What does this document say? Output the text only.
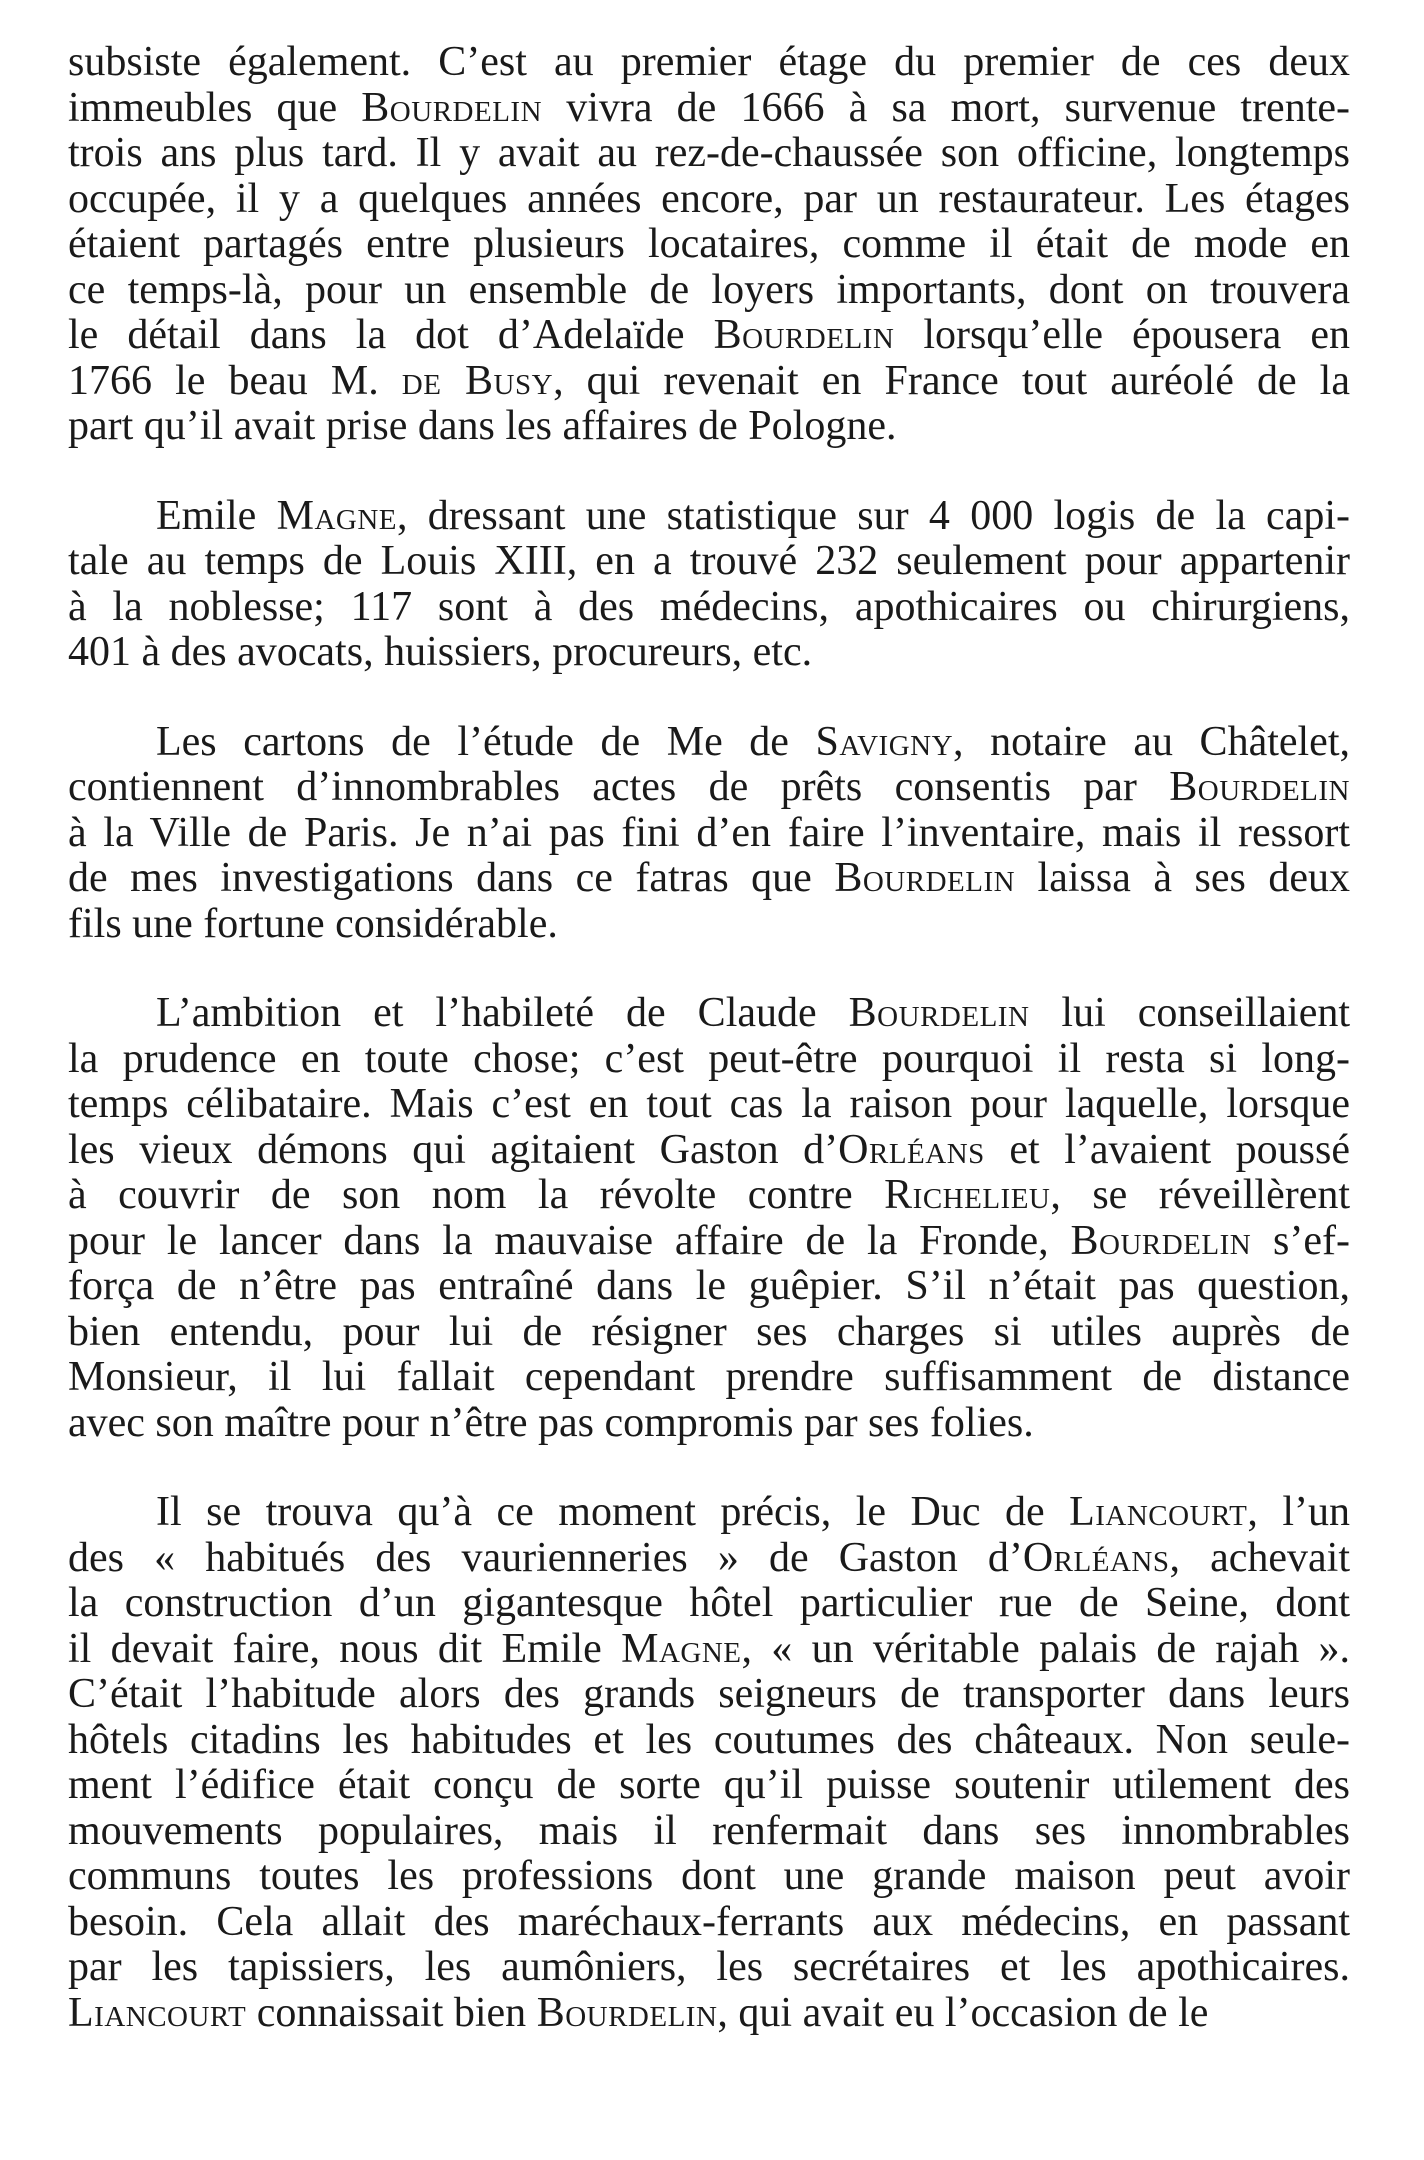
subsiste également. C’est au premier étage du premier de ces deux
immeubles que Bourdelin vivra de 1666 à sa mort, survenue trente-
trois ans plus tard. Il y avait au rez-de-chaussée son officine, longtemps
occupée, il y a quelques années encore, par un restaurateur. Les étages
étaient partagés entre plusieurs locataires, comme il était de mode en
ce temps-là, pour un ensemble de loyers importants, dont on trouvera
le détail dans la dot d’Adelaïde Bourdelin lorsqu’elle épousera en
1766 le beau M. de Busy, qui revenait en France tout auréolé de la
part qu’il avait prise dans les affaires de Pologne.

Emile Magne, dressant une statistique sur 4 000 logis de la capi-
tale au temps de Louis XIII, en a trouvé 232 seulement pour appartenir
à la noblesse; 117 sont à des médecins, apothicaires ou chirurgiens,
401 à des avocats, huissiers, procureurs, etc.

Les cartons de l’étude de Me de Savigny, notaire au Châtelet,
contiennent d’innombrables actes de prêts consentis par Bourdelin
à la Ville de Paris. Je n’ai pas fini d’en faire l’inventaire, mais il ressort
de mes investigations dans ce fatras que Bourdelin laissa à ses deux
fils une fortune considérable.

L’ambition et l’habileté de Claude Bourdelin lui conseillaient
la prudence en toute chose; c’est peut-être pourquoi il resta si long-
temps célibataire. Mais c’est en tout cas la raison pour laquelle, lorsque
les vieux démons qui agitaient Gaston d’Orléans et l’avaient poussé
à couvrir de son nom la révolte contre Richelieu, se réveillèrent
pour le lancer dans la mauvaise affaire de la Fronde, Bourdelin s’ef-
força de n’être pas entraîné dans le guêpier. S’il n’était pas question,
bien entendu, pour lui de résigner ses charges si utiles auprès de
Monsieur, il lui fallait cependant prendre suffisamment de distance
avec son maître pour n’être pas compromis par ses folies.

Il se trouva qu’à ce moment précis, le Duc de Liancourt, l’un
des « habitués des vaurienneries » de Gaston d’Orléans, achevait
la construction d’un gigantesque hôtel particulier rue de Seine, dont
il devait faire, nous dit Emile Magne, « un véritable palais de rajah ».
C’était l’habitude alors des grands seigneurs de transporter dans leurs
hôtels citadins les habitudes et les coutumes des châteaux. Non seule-
ment l’édifice était conçu de sorte qu’il puisse soutenir utilement des
mouvements populaires, mais il renfermait dans ses innombrables
communs toutes les professions dont une grande maison peut avoir
besoin. Cela allait des maréchaux-ferrants aux médecins, en passant
par les tapissiers, les aumôniers, les secrétaires et les apothicaires.
Liancourt connaissait bien Bourdelin, qui avait eu l’occasion de le
